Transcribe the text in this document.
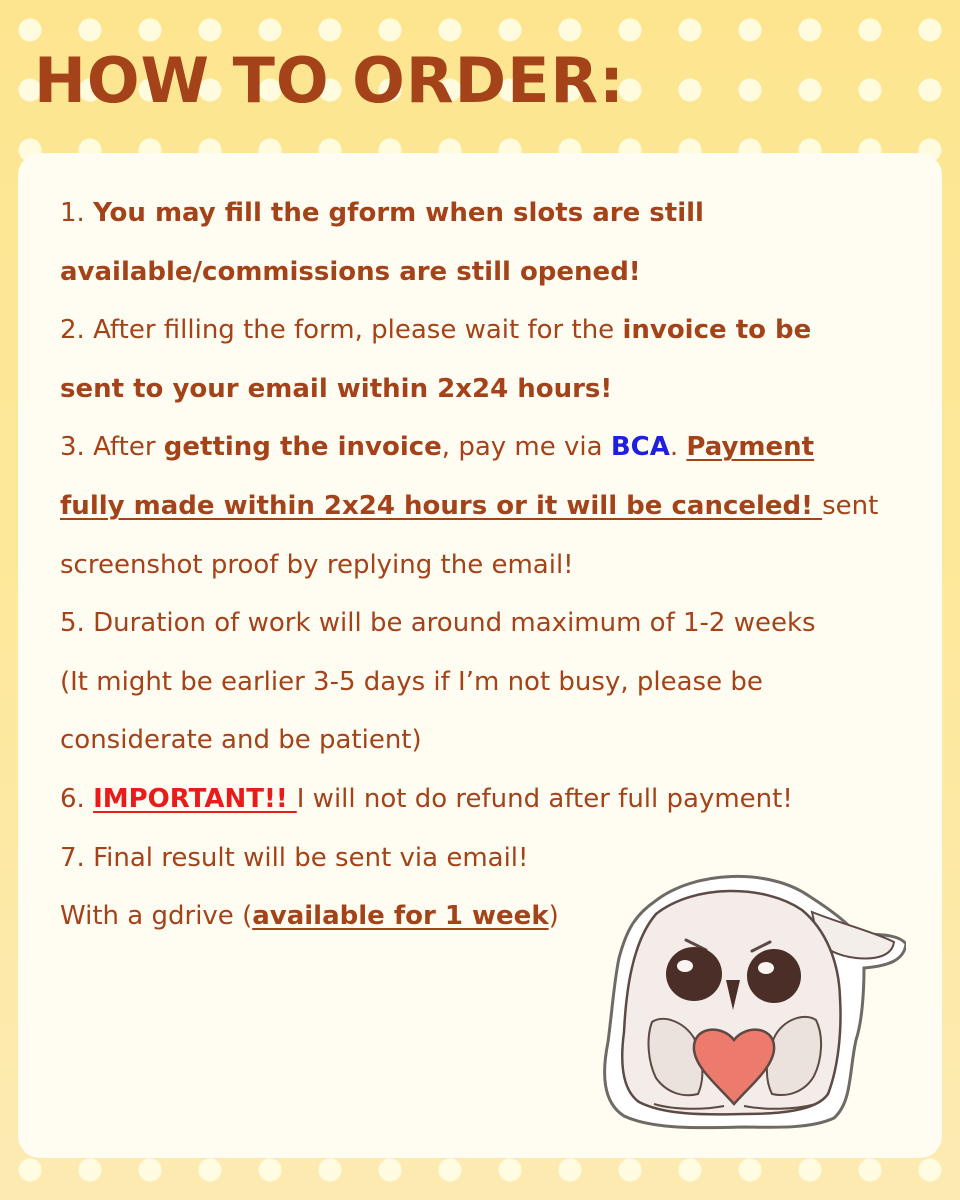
HOW TO ORDER:
1. You may fill the gform when slots are still
available/commissions are still opened!
2. After filling the form, please wait for the invoice to be
sent to your email within 2x24 hours!
3. After getting the invoice, pay me via BCA. Payment
fully made within 2x24 hours or it will be canceled! sent
screenshot proof by replying the email!
5. Duration of work will be around maximum of 1-2 weeks
(It might be earlier 3-5 days if I’m not busy, please be
considerate and be patient)
6. IMPORTANT!! I will not do refund after full payment!
7. Final result will be sent via email!
With a gdrive (available for 1 week)
